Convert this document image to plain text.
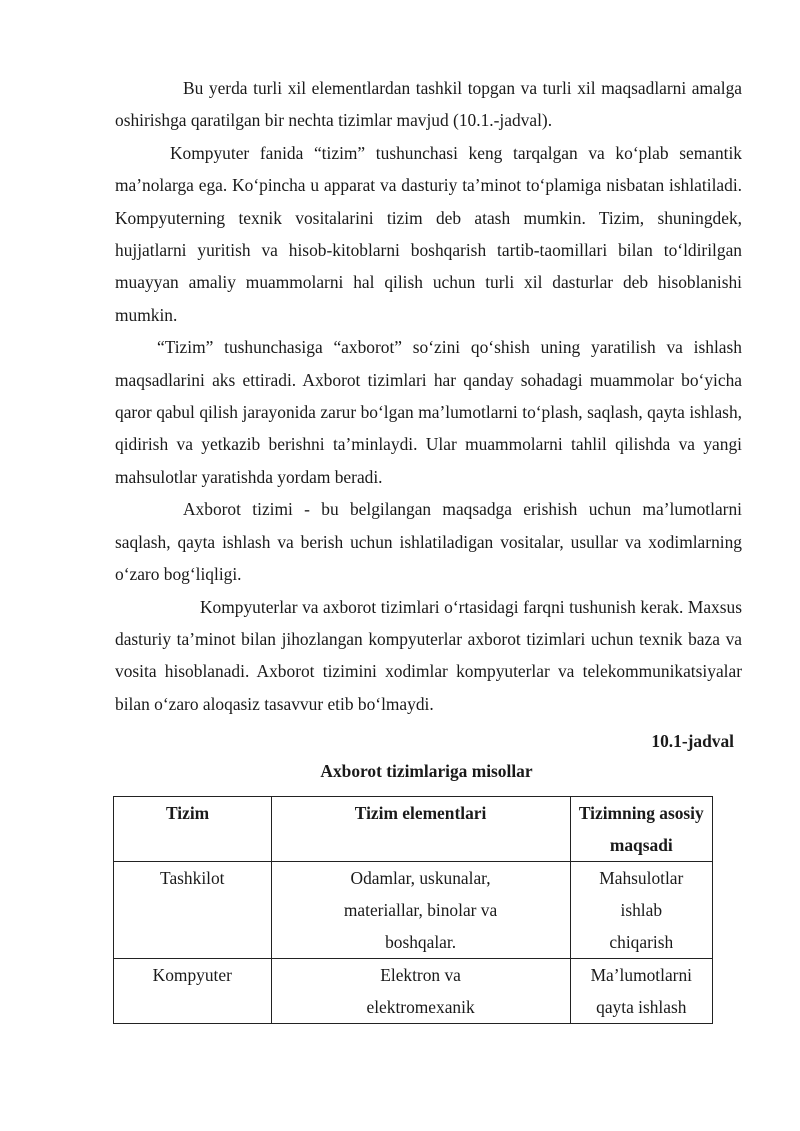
Bu yerda turli xil elementlardan tashkil topgan va turli xil maqsadlarni amalga oshirishga qaratilgan bir nechta tizimlar mavjud (10.1.-jadval).

Kompyuter fanida “tizim” tushunchasi keng tarqalgan va ko‘plab semantik ma’nolarga ega. Ko‘pincha u apparat va dasturiy ta’minot to‘plamiga nisbatan ishlatiladi. Kompyuterning texnik vositalarini tizim deb atash mumkin. Tizim, shuningdek, hujjatlarni yuritish va hisob-kitoblarni boshqarish tartib-taomillari bilan to‘ldirilgan muayyan amaliy muammolarni hal qilish uchun turli xil dasturlar deb hisoblanishi mumkin.

“Tizim” tushunchasiga “axborot” so‘zini qo‘shish uning yaratilish va ishlash maqsadlarini aks ettiradi. Axborot tizimlari har qanday sohadagi muammolar bo‘yicha qaror qabul qilish jarayonida zarur bo‘lgan ma’lumotlarni to‘plash, saqlash, qayta ishlash, qidirish va yetkazib berishni ta’minlaydi. Ular muammolarni tahlil qilishda va yangi mahsulotlar yaratishda yordam beradi.

Axborot tizimi - bu belgilangan maqsadga erishish uchun ma’lumotlarni saqlash, qayta ishlash va berish uchun ishlatiladigan vositalar, usullar va xodimlarning o‘zaro bog‘liqligi.

Kompyuterlar va axborot tizimlari o‘rtasidagi farqni tushunish kerak. Maxsus dasturiy ta’minot bilan jihozlangan kompyuterlar axborot tizimlari uchun texnik baza va vosita hisoblanadi. Axborot tizimini xodimlar kompyuterlar va telekommunikatsiyalar bilan o‘zaro aloqasiz tasavvur etib bo‘lmaydi.

10.1-jadval
Axborot tizimlariga misollar
Tizim	Tizim elementlari	Tizimning asosiy maqsadi
Tashkilot	Odamlar, uskunalar, materiallar, binolar va boshqalar.	Mahsulotlar ishlab chiqarish
Kompyuter	Elektron va elektromexanik	Ma’lumotlarni qayta ishlash
